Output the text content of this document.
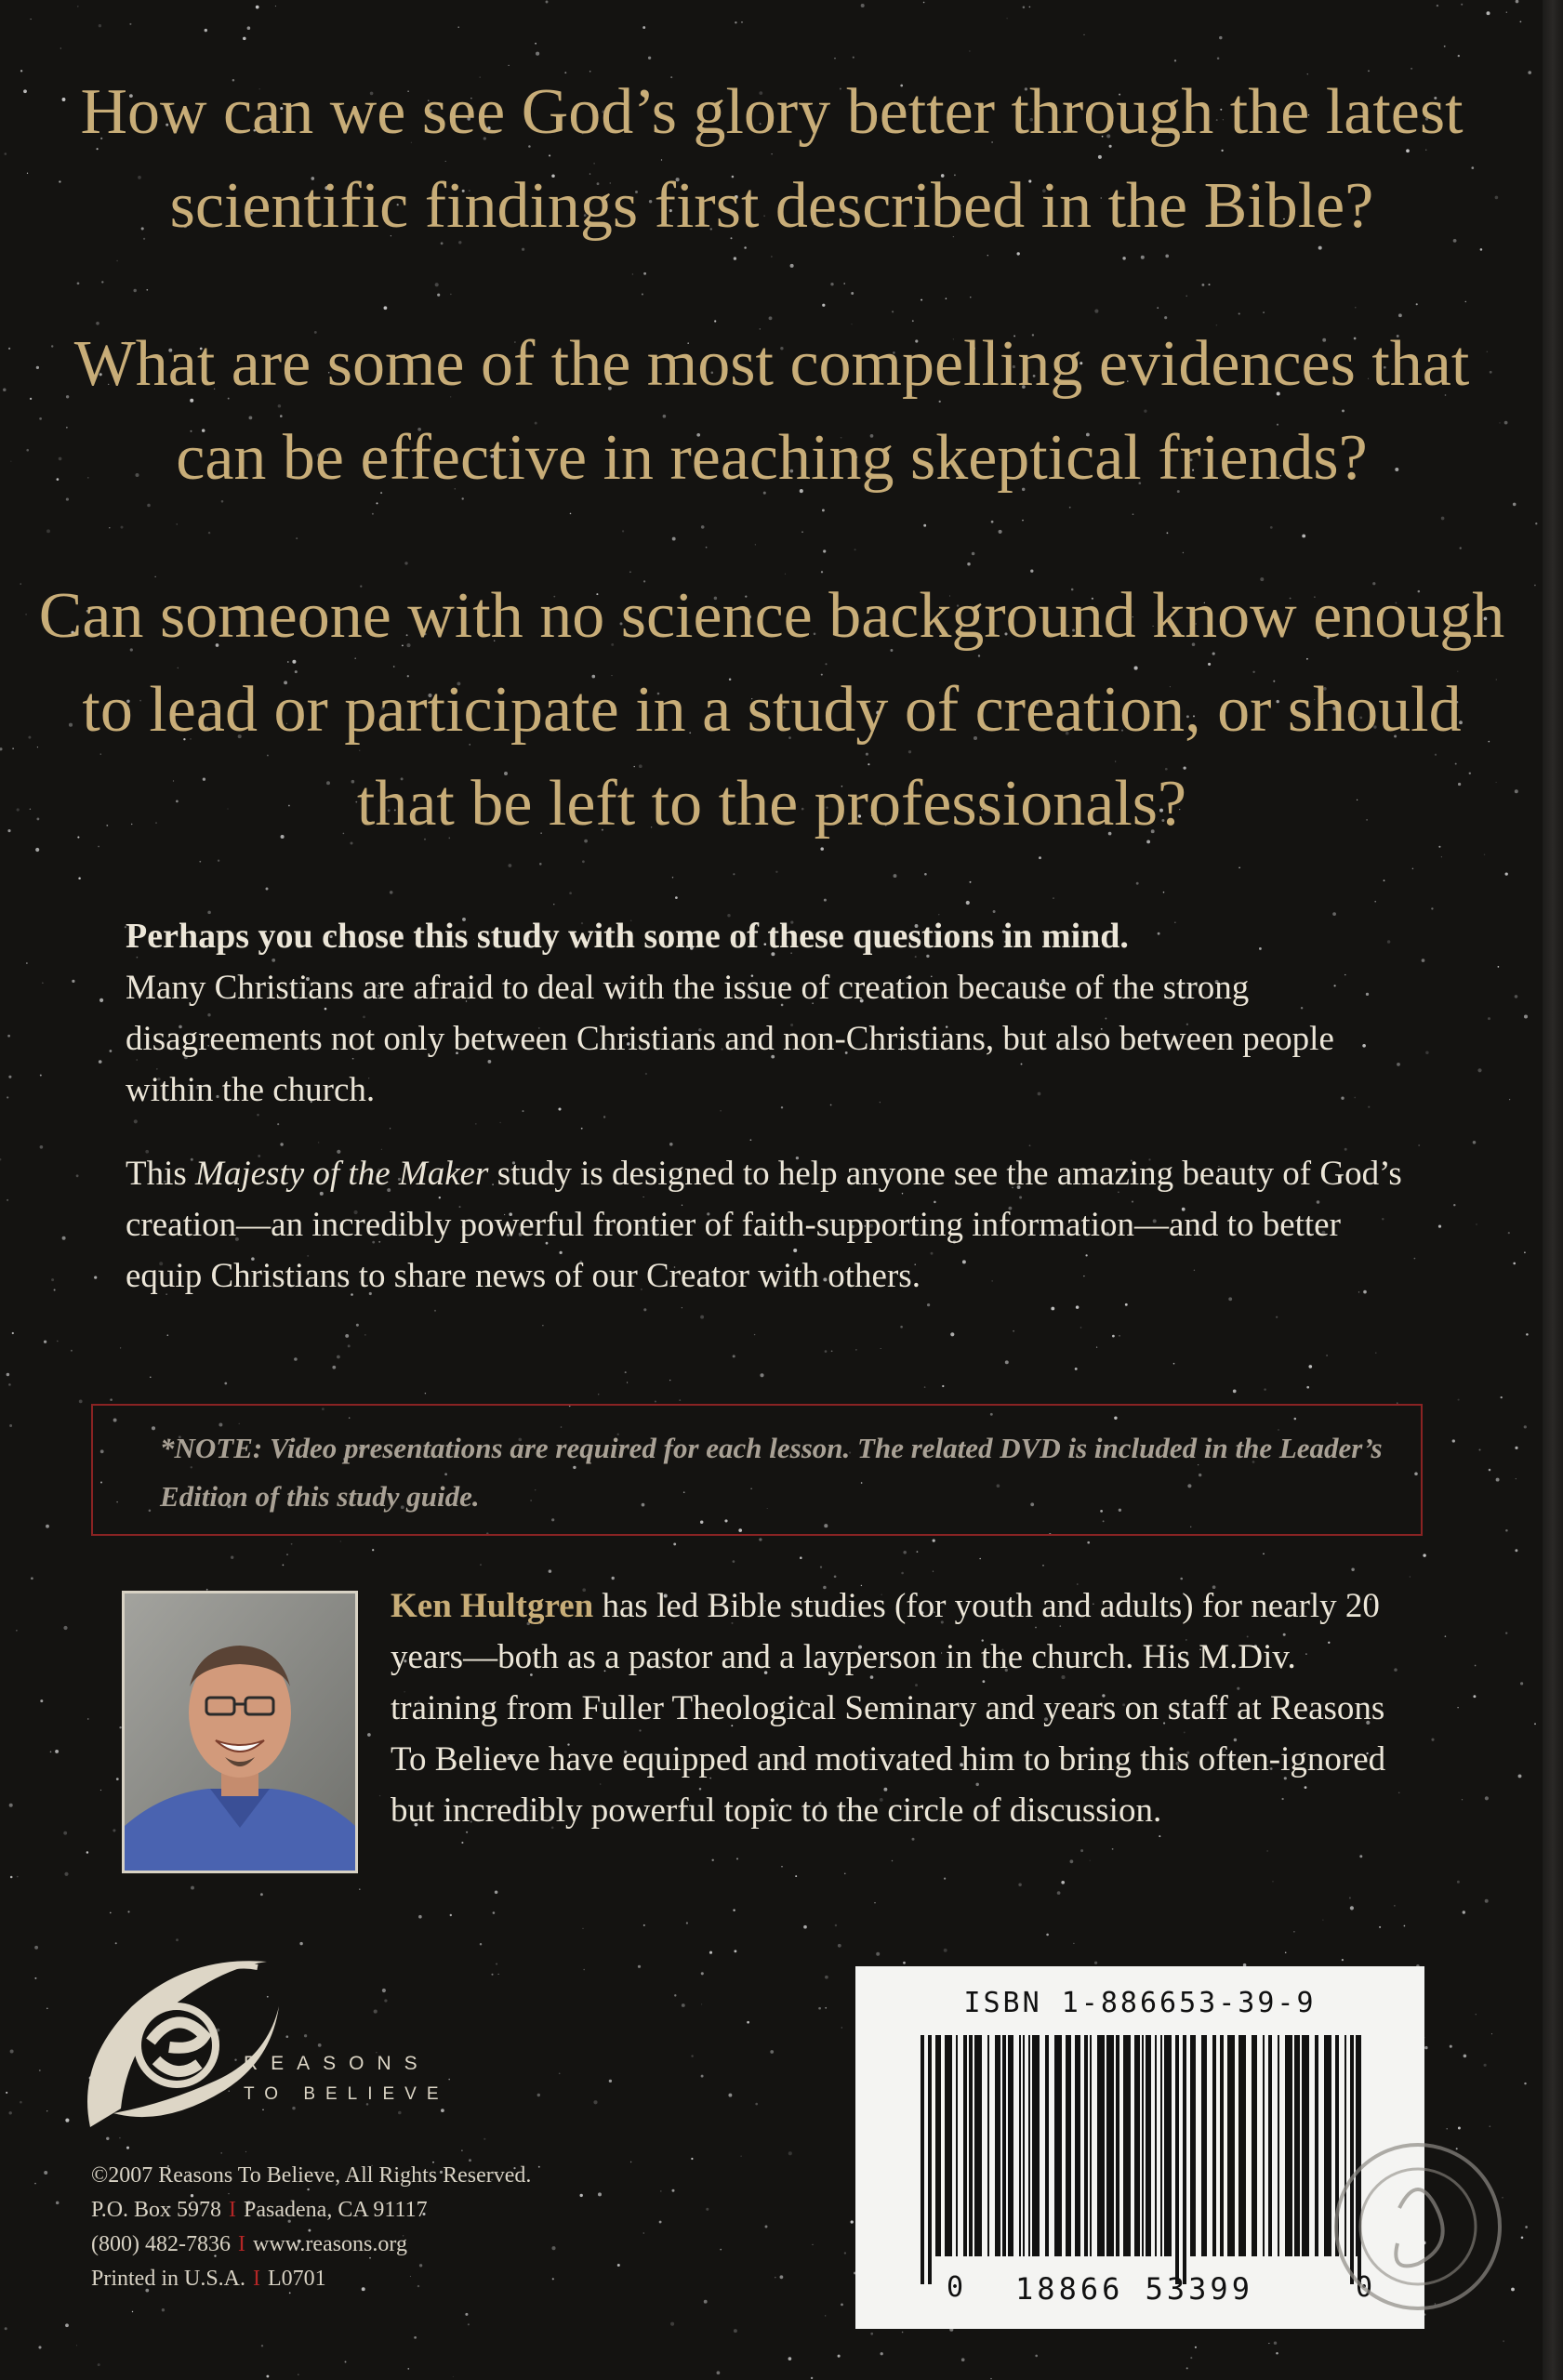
How can we see God’s glory better through the latest scientific findings first described in the Bible?

What are some of the most compelling evidences that can be effective in reaching skeptical friends?

Can someone with no science background know enough to lead or participate in a study of creation, or should that be left to the professionals?

Perhaps you chose this study with some of these questions in mind.
Many Christians are afraid to deal with the issue of creation because of the strong disagreements not only between Christians and non-Christians, but also between people within the church.

This Majesty of the Maker study is designed to help anyone see the amazing beauty of God’s creation—an incredibly powerful frontier of faith-supporting information—and to better equip Christians to share news of our Creator with others.

*NOTE: Video presentations are required for each lesson. The related DVD is included in the Leader’s Edition of this study guide.

Ken Hultgren has led Bible studies (for youth and adults) for nearly 20 years—both as a pastor and a layperson in the church. His M.Div. training from Fuller Theological Seminary and years on staff at Reasons To Believe have equipped and motivated him to bring this often-ignored but incredibly powerful topic to the circle of discussion.

REASONS
TO BELIEVE
©2007 Reasons To Believe, All Rights Reserved.
P.O. Box 5978 I Pasadena, CA 91117
(800) 482-7836 I www.reasons.org
Printed in U.S.A. I L0701
ISBN 1-886653-39-9
0	18866 53399	0
